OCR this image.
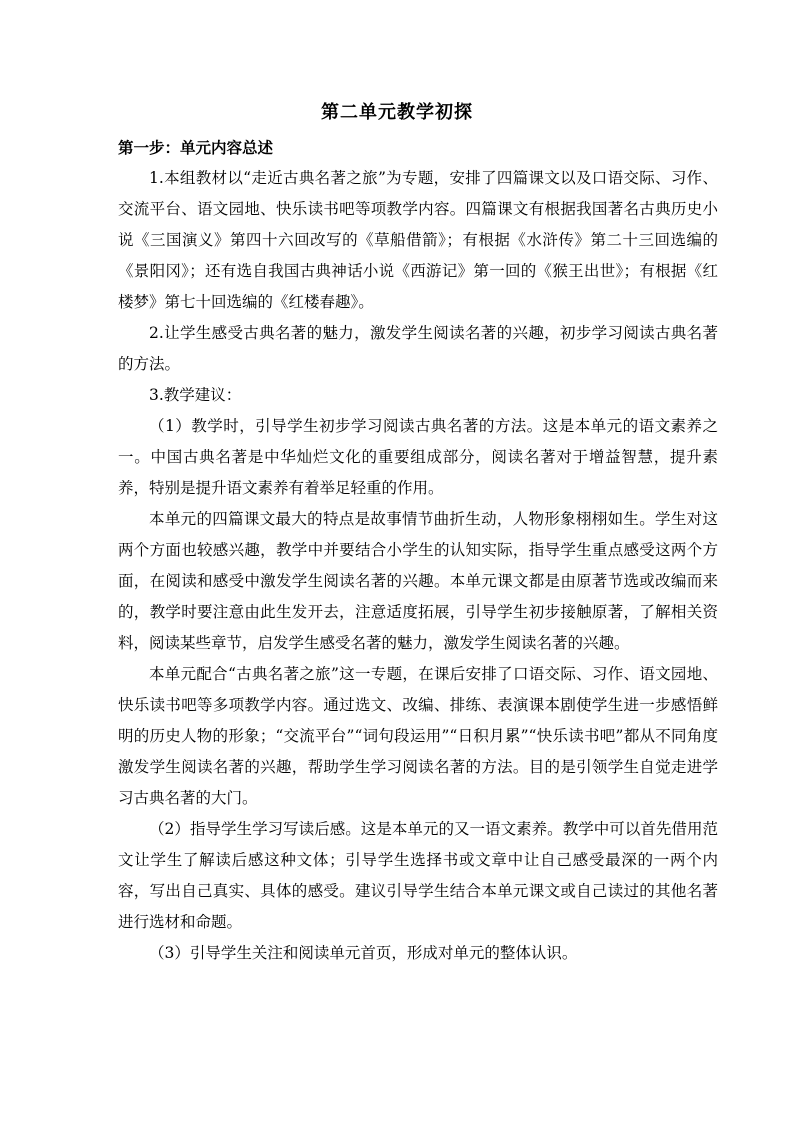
第二单元教学初探

第一步：单元内容总述

1.本组教材以“走近古典名著之旅”为专题，安排了四篇课文以及口语交际、习作、交流平台、语文园地、快乐读书吧等项教学内容。四篇课文有根据我国著名古典历史小说《三国演义》第四十六回改写的《草船借箭》；有根据《水浒传》第二十三回选编的《景阳冈》；还有选自我国古典神话小说《西游记》第一回的《猴王出世》；有根据《红楼梦》第七十回选编的《红楼春趣》。

2.让学生感受古典名著的魅力，激发学生阅读名著的兴趣，初步学习阅读古典名著的方法。

3.教学建议：

（1）教学时，引导学生初步学习阅读古典名著的方法。这是本单元的语文素养之一。中国古典名著是中华灿烂文化的重要组成部分，阅读名著对于增益智慧，提升素养，特别是提升语文素养有着举足轻重的作用。

本单元的四篇课文最大的特点是故事情节曲折生动，人物形象栩栩如生。学生对这两个方面也较感兴趣，教学中并要结合小学生的认知实际，指导学生重点感受这两个方面，在阅读和感受中激发学生阅读名著的兴趣。本单元课文都是由原著节选或改编而来的，教学时要注意由此生发开去，注意适度拓展，引导学生初步接触原著，了解相关资料，阅读某些章节，启发学生感受名著的魅力，激发学生阅读名著的兴趣。

本单元配合“古典名著之旅”这一专题，在课后安排了口语交际、习作、语文园地、快乐读书吧等多项教学内容。通过选文、改编、排练、表演课本剧使学生进一步感悟鲜明的历史人物的形象；“交流平台”“词句段运用”“日积月累”“快乐读书吧”都从不同角度激发学生阅读名著的兴趣，帮助学生学习阅读名著的方法。目的是引领学生自觉走进学习古典名著的大门。

（2）指导学生学习写读后感。这是本单元的又一语文素养。教学中可以首先借用范文让学生了解读后感这种文体；引导学生选择书或文章中让自己感受最深的一两个内容，写出自己真实、具体的感受。建议引导学生结合本单元课文或自己读过的其他名著进行选材和命题。

（3）引导学生关注和阅读单元首页，形成对单元的整体认识。
